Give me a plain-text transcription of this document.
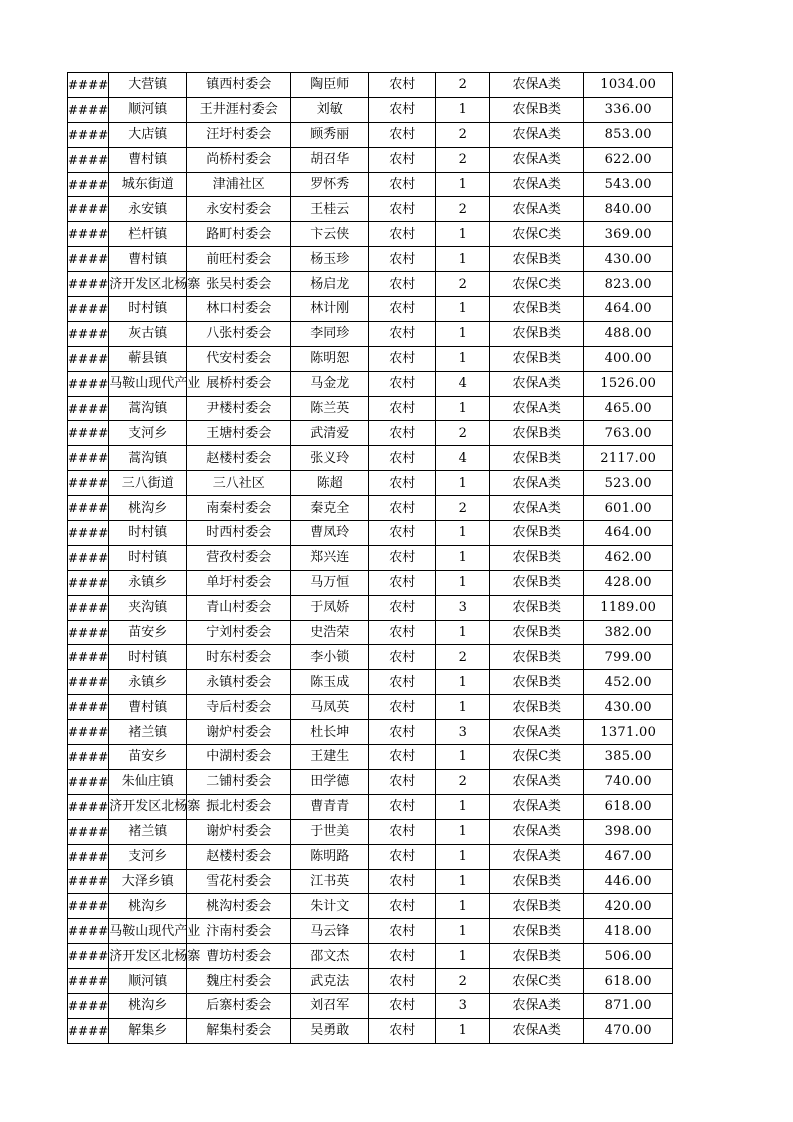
####	大营镇	镇西村委会	陶臣师	农村	2	农保A类	1034.00
####	顺河镇	王井涯村委会	刘敏	农村	1	农保B类	336.00
####	大店镇	汪圩村委会	顾秀丽	农村	2	农保A类	853.00
####	曹村镇	尚桥村委会	胡召华	农村	2	农保A类	622.00
####	城东街道	津浦社区	罗怀秀	农村	1	农保A类	543.00
####	永安镇	永安村委会	王桂云	农村	2	农保A类	840.00
####	栏杆镇	路町村委会	卞云侠	农村	1	农保C类	369.00
####	曹村镇	前旺村委会	杨玉珍	农村	1	农保B类	430.00
####	济开发区北杨寨	张吴村委会	杨启龙	农村	2	农保C类	823.00
####	时村镇	林口村委会	林计刚	农村	1	农保B类	464.00
####	灰古镇	八张村委会	李同珍	农村	1	农保B类	488.00
####	蕲县镇	代安村委会	陈明恕	农村	1	农保B类	400.00
####	马鞍山现代产业	展桥村委会	马金龙	农村	4	农保A类	1526.00
####	蒿沟镇	尹楼村委会	陈兰英	农村	1	农保A类	465.00
####	支河乡	王塘村委会	武清爱	农村	2	农保B类	763.00
####	蒿沟镇	赵楼村委会	张义玲	农村	4	农保B类	2117.00
####	三八街道	三八社区	陈超	农村	1	农保A类	523.00
####	桃沟乡	南秦村委会	秦克全	农村	2	农保A类	601.00
####	时村镇	时西村委会	曹凤玲	农村	1	农保B类	464.00
####	时村镇	营孜村委会	郑兴连	农村	1	农保B类	462.00
####	永镇乡	单圩村委会	马万恒	农村	1	农保B类	428.00
####	夹沟镇	青山村委会	于凤娇	农村	3	农保B类	1189.00
####	苗安乡	宁刘村委会	史浩荣	农村	1	农保B类	382.00
####	时村镇	时东村委会	李小锁	农村	2	农保B类	799.00
####	永镇乡	永镇村委会	陈玉成	农村	1	农保B类	452.00
####	曹村镇	寺后村委会	马凤英	农村	1	农保B类	430.00
####	褚兰镇	谢炉村委会	杜长坤	农村	3	农保A类	1371.00
####	苗安乡	中湖村委会	王建生	农村	1	农保C类	385.00
####	朱仙庄镇	二铺村委会	田学德	农村	2	农保A类	740.00
####	济开发区北杨寨	振北村委会	曹青青	农村	1	农保A类	618.00
####	褚兰镇	谢炉村委会	于世美	农村	1	农保A类	398.00
####	支河乡	赵楼村委会	陈明路	农村	1	农保A类	467.00
####	大泽乡镇	雪花村委会	江书英	农村	1	农保B类	446.00
####	桃沟乡	桃沟村委会	朱计文	农村	1	农保B类	420.00
####	马鞍山现代产业	汴南村委会	马云锋	农村	1	农保B类	418.00
####	济开发区北杨寨	曹坊村委会	邵文杰	农村	1	农保B类	506.00
####	顺河镇	魏庄村委会	武克法	农村	2	农保C类	618.00
####	桃沟乡	后寨村委会	刘召军	农村	3	农保A类	871.00
####	解集乡	解集村委会	吴勇敢	农村	1	农保A类	470.00
